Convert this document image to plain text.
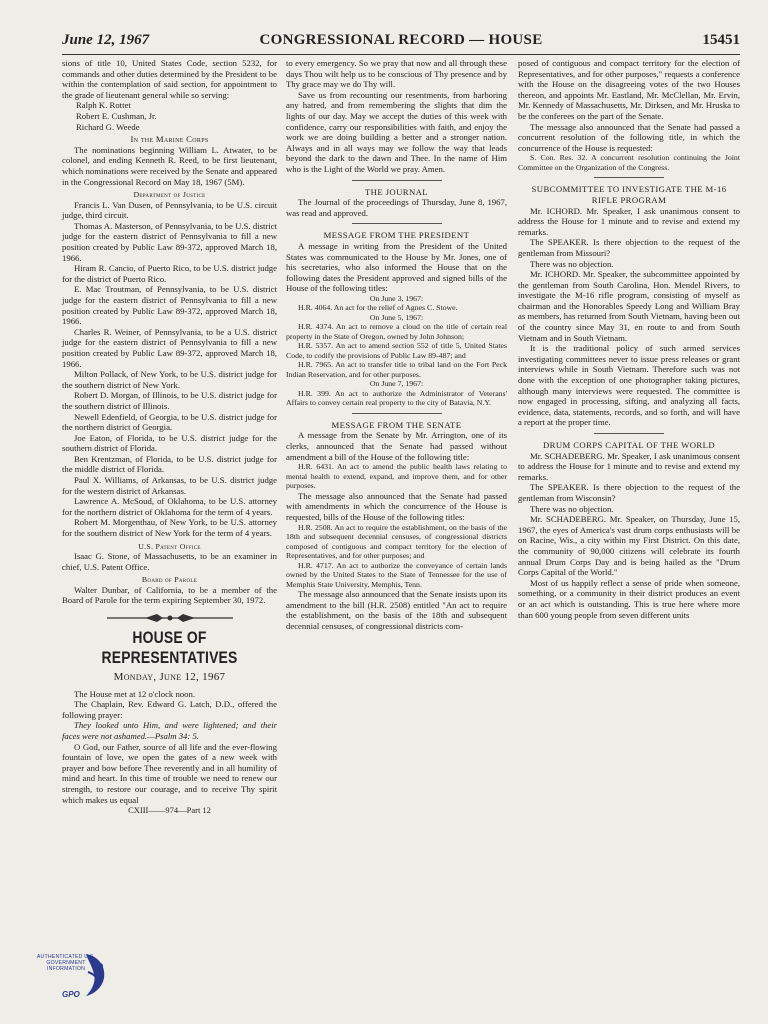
June 12, 1967	CONGRESSIONAL RECORD — HOUSE	15451

sions of title 10, United States Code, section 5232, for commands and other duties determined by the President to be within the contemplation of said section, for appointment to the grade of lieutenant general while so serving:

Ralph K. Rottet

Robert E. Cushman, Jr.

Richard G. Weede

In the Marine Corps

The nominations beginning William L. Atwater, to be colonel, and ending Kenneth R. Reed, to be first lieutenant, which nominations were received by the Senate and appeared in the Congressional Record on May 18, 1967 (5M).

Department of Justice

Francis L. Van Dusen, of Pennsylvania, to be U.S. circuit judge, third circuit.

Thomas A. Masterson, of Pennsylvania, to be U.S. district judge for the eastern district of Pennsylvania to fill a new position created by Public Law 89-372, approved March 18, 1966.

Hiram R. Cancio, of Puerto Rico, to be U.S. district judge for the district of Puerto Rico.

E. Mac Troutman, of Pennsylvania, to be U.S. district judge for the eastern district of Pennsylvania to fill a new position created by Public Law 89-372, approved March 18, 1966.

Charles R. Weiner, of Pennsylvania, to be a U.S. district judge for the eastern district of Pennsylvania to fill a new position created by Public Law 89-372, approved March 18, 1966.

Milton Pollack, of New York, to be U.S. district judge for the southern district of New York.

Robert D. Morgan, of Illinois, to be U.S. district judge for the southern district of Illinois.

Newell Edenfield, of Georgia, to be U.S. district judge for the northern district of Georgia.

Joe Eaton, of Florida, to be U.S. district judge for the southern district of Florida.

Ben Krentzman, of Florida, to be U.S. district judge for the middle district of Florida.

Paul X. Williams, of Arkansas, to be U.S. district judge for the western district of Arkansas.

Lawrence A. McSoud, of Oklahoma, to be U.S. attorney for the northern district of Oklahoma for the term of 4 years.

Robert M. Morgenthau, of New York, to be U.S. attorney for the southern district of New York for the term of 4 years.

U.S. Patent Office

Isaac G. Stone, of Massachusetts, to be an examiner in chief, U.S. Patent Office.

Board of Parole

Walter Dunbar, of California, to be a member of the Board of Parole for the term expiring September 30, 1972.

HOUSE OF REPRESENTATIVES
Monday, June 12, 1967

The House met at 12 o'clock noon.

The Chaplain, Rev. Edward G. Latch, D.D., offered the following prayer:

They looked unto Him, and were lightened; and their faces were not ashamed.—Psalm 34: 5.

O God, our Father, source of all life and the ever-flowing fountain of love, we open the gates of a new week with prayer and bow before Thee reverently and in all humility of mind and heart. In this time of trouble we need to renew our strength, to restore our courage, and to receive Thy spirit which makes us equal

CXIII——974—Part 12

to every emergency. So we pray that now and all through these days Thou wilt help us to be conscious of Thy presence and by Thy grace may we do Thy will.

Save us from recounting our resentments, from harboring any hatred, and from remembering the slights that dim the lights of our day. May we accept the duties of this week with confidence, carry our responsibilities with faith, and enjoy the work we are doing building a better and a stronger nation. Always and in all ways may we follow the way that leads beyond the dark to the dawn and Thee. In the name of Him who is the Light of the World we pray. Amen.

THE JOURNAL

The Journal of the proceedings of Thursday, June 8, 1967, was read and approved.

MESSAGE FROM THE PRESIDENT

A message in writing from the President of the United States was communicated to the House by Mr. Jones, one of his secretaries, who also informed the House that on the following dates the President approved and signed bills of the House of the following titles:

On June 3, 1967:

H.R. 4064. An act for the relief of Agnes C. Stowe.

On June 5, 1967:

H.R. 4374. An act to remove a cloud on the title of certain real property in the State of Oregon, owned by John Johnson;

H.R. 5357. An act to amend section 552 of title 5, United States Code, to codify the provisions of Public Law 89-487; and

H.R. 7965. An act to transfer title to tribal land on the Fort Peck Indian Reservation, and for other purposes.

On June 7, 1967:

H.R. 399. An act to authorize the Administrator of Veterans' Affairs to convey certain real property to the city of Batavia, N.Y.

MESSAGE FROM THE SENATE

A message from the Senate by Mr. Arrington, one of its clerks, announced that the Senate had passed without amendment a bill of the House of the following title:

H.R. 6431. An act to amend the public health laws relating to mental health to extend, expand, and improve them, and for other purposes.

The message also announced that the Senate had passed with amendments in which the concurrence of the House is requested, bills of the House of the following titles:

H.R. 2508. An act to require the establishment, on the basis of the 18th and subsequent decennial censuses, of congressional districts composed of contiguous and compact territory for the election of Representatives, and for other purposes; and

H.R. 4717. An act to authorize the conveyance of certain lands owned by the United States to the State of Tennessee for the use of Memphis State University, Memphis, Tenn.

The message also announced that the Senate insists upon its amendment to the bill (H.R. 2508) entitled "An act to require the establishment, on the basis of the 18th and subsequent decennial censuses, of congressional districts com-

posed of contiguous and compact territory for the election of Representatives, and for other purposes," requests a conference with the House on the disagreeing votes of the two Houses thereon, and appoints Mr. Eastland, Mr. McClellan, Mr. Ervin, Mr. Kennedy of Massachusetts, Mr. Dirksen, and Mr. Hruska to be the conferees on the part of the Senate.

The message also announced that the Senate had passed a concurrent resolution of the following title, in which the concurrence of the House is requested:

S. Con. Res. 32. A concurrent resolution continuing the Joint Committee on the Organization of the Congress.

SUBCOMMITTEE TO INVESTIGATE THE M-16 RIFLE PROGRAM

Mr. ICHORD. Mr. Speaker, I ask unanimous consent to address the House for 1 minute and to revise and extend my remarks.

The SPEAKER. Is there objection to the request of the gentleman from Missouri?

There was no objection.

Mr. ICHORD. Mr. Speaker, the subcommittee appointed by the gentleman from South Carolina, Hon. Mendel Rivers, to investigate the M-16 rifle program, consisting of myself as chairman and the Honorables Speedy Long and William Bray as members, has returned from South Vietnam, having been out of the country since May 31, en route to and from South Vietnam and in South Vietnam.

It is the traditional policy of such armed services investigating committees never to issue press releases or grant interviews while in South Vietnam. Therefore such was not done with the exception of one photographer taking pictures, although many interviews were requested. The committee is now engaged in processing, sifting, and analyzing all facts, evidence, data, statements, records, and so forth, and will have a report at the proper time.

DRUM CORPS CAPITAL OF THE WORLD

Mr. SCHADEBERG. Mr. Speaker, I ask unanimous consent to address the House for 1 minute and to revise and extend my remarks.

The SPEAKER. Is there objection to the request of the gentleman from Wisconsin?

There was no objection.

Mr. SCHADEBERG. Mr. Speaker, on Thursday, June 15, 1967, the eyes of America's vast drum corps enthusiasts will be on Racine, Wis., a city within my First District. On this date, the community of 90,000 citizens will celebrate its fourth annual Drum Corps Day and is being hailed as the "Drum Corps Capital of the World."

Most of us happily reflect a sense of pride when someone, something, or a community in their district produces an event or an act which is outstanding. This is true here where more than 600 young people from seven different units

AUTHENTICATED U.S. GOVERNMENT INFORMATION
GPO
